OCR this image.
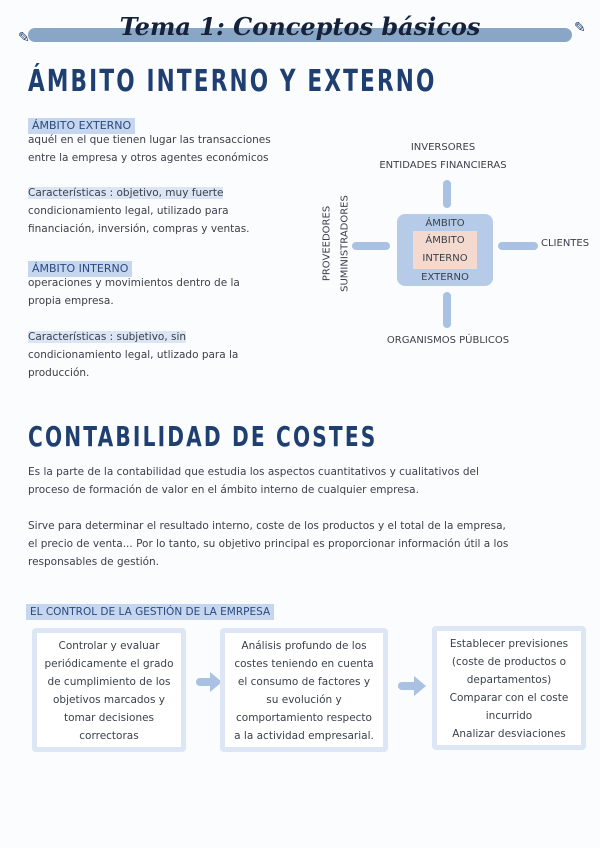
Tema 1: Conceptos básicos
✎
✎
ÁMBITO INTERNO Y EXTERNO
ÁMBITO EXTERNO

aquél en el que tienen lugar las transacciones

entre la empresa y otros agentes económicos

Características : objetivo, muy fuerte

condicionamiento legal, utilizado para

financiación, inversión, compras y ventas.

ÁMBITO INTERNO

operaciones y movimientos dentro de la

propia empresa.

Características : subjetivo, sin

condicionamiento legal, utlizado para la

producción.

INVERSORES
ENTIDADES FINANCIERAS
ÁMBITO
ÁMBITO
INTERNO
EXTERNO
CLIENTES
ORGANISMOS PÚBLICOS
PROVEEDORES SUMINISTRADORES
CONTABILIDAD DE COSTES

Es la parte de la contabilidad que estudia los aspectos cuantitativos y cualitativos del

proceso de formación de valor en el ámbito interno de cualquier empresa.

Sirve para determinar el resultado interno, coste de los productos y el total de la empresa,

el precio de venta... Por lo tanto, su objetivo principal es proporcionar información útil a los

responsables de gestión.

EL CONTROL DE LA GESTIÓN DE LA EMRPESA

Controlar y evaluar

periódicamente el grado

de cumplimiento de los

objetivos marcados y

tomar decisiones

correctoras

Análisis profundo de los

costes teniendo en cuenta

el consumo de factores y

su evolución y

comportamiento respecto

a la actividad empresarial.

Establecer previsiones

(coste de productos o

departamentos)

Comparar con el coste

incurrido

Analizar desviaciones
